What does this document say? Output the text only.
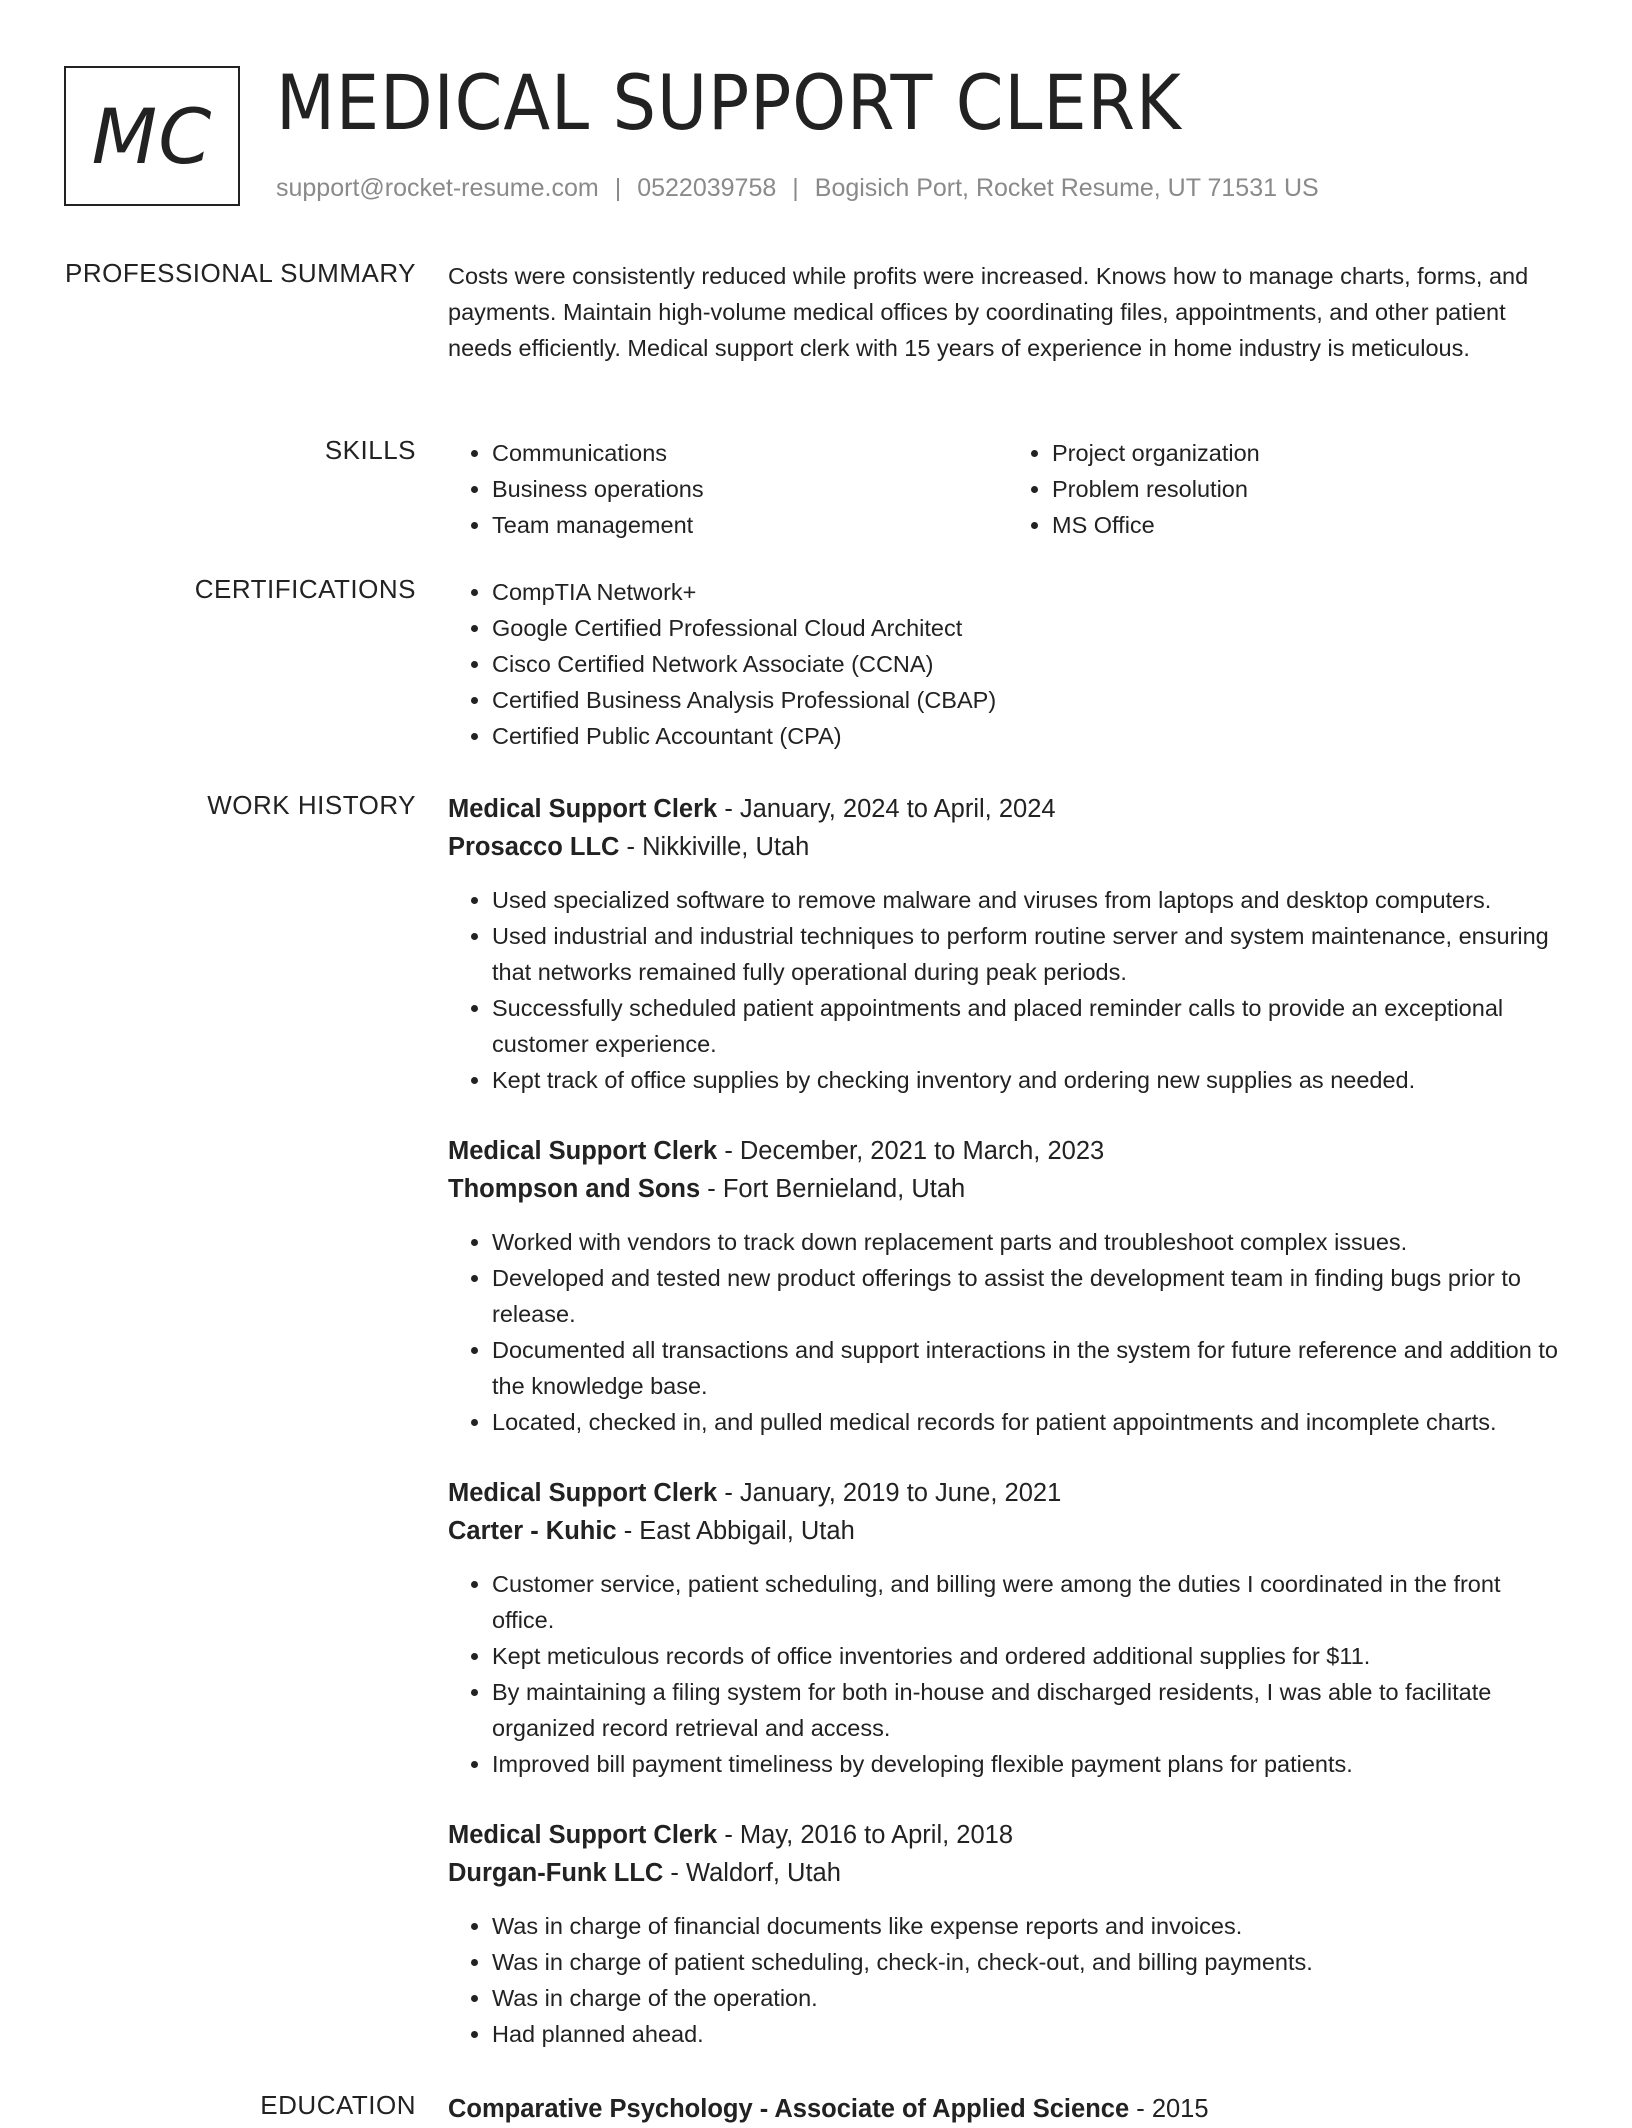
MC MEDICAL SUPPORT CLERK
support@rocket-resume.com | 0522039758 | Bogisich Port, Rocket Resume, UT 71531 US
PROFESSIONAL SUMMARY Costs were consistently reduced while profits were increased. Knows how to manage charts, forms, and payments. Maintain high-volume medical offices by coordinating files, appointments, and other patient needs efficiently. Medical support clerk with 15 years of experience in home industry is meticulous.

SKILLS	• Communications
• Business operations
• Team management
• Project organization
• Problem resolution
• MS Office
CERTIFICATIONS	• CompTIA Network+
• Google Certified Professional Cloud Architect
• Cisco Certified Network Associate (CCNA)
• Certified Business Analysis Professional (CBAP)
• Certified Public Accountant (CPA)
WORK HISTORY Medical Support Clerk - January, 2024 to April, 2024
Prosacco LLC - Nikkiville, Utah
• Used specialized software to remove malware and viruses from laptops and desktop computers.
• Used industrial and industrial techniques to perform routine server and system maintenance, ensuring that networks remained fully operational during peak periods.
• Successfully scheduled patient appointments and placed reminder calls to provide an exceptional customer experience.
• Kept track of office supplies by checking inventory and ordering new supplies as needed.
Medical Support Clerk - December, 2021 to March, 2023
Thompson and Sons - Fort Bernieland, Utah
• Worked with vendors to track down replacement parts and troubleshoot complex issues.
• Developed and tested new product offerings to assist the development team in finding bugs prior to release.
• Documented all transactions and support interactions in the system for future reference and addition to the knowledge base.
• Located, checked in, and pulled medical records for patient appointments and incomplete charts.
Medical Support Clerk - January, 2019 to June, 2021
Carter - Kuhic - East Abbigail, Utah
• Customer service, patient scheduling, and billing were among the duties I coordinated in the front office.
• Kept meticulous records of office inventories and ordered additional supplies for $11.
• By maintaining a filing system for both in-house and discharged residents, I was able to facilitate organized record retrieval and access.
• Improved bill payment timeliness by developing flexible payment plans for patients.
Medical Support Clerk - May, 2016 to April, 2018
Durgan-Funk LLC - Waldorf, Utah
• Was in charge of financial documents like expense reports and invoices.
• Was in charge of patient scheduling, check-in, check-out, and billing payments.
• Was in charge of the operation.
• Had planned ahead.
EDUCATION Comparative Psychology - Associate of Applied Science - 2015
